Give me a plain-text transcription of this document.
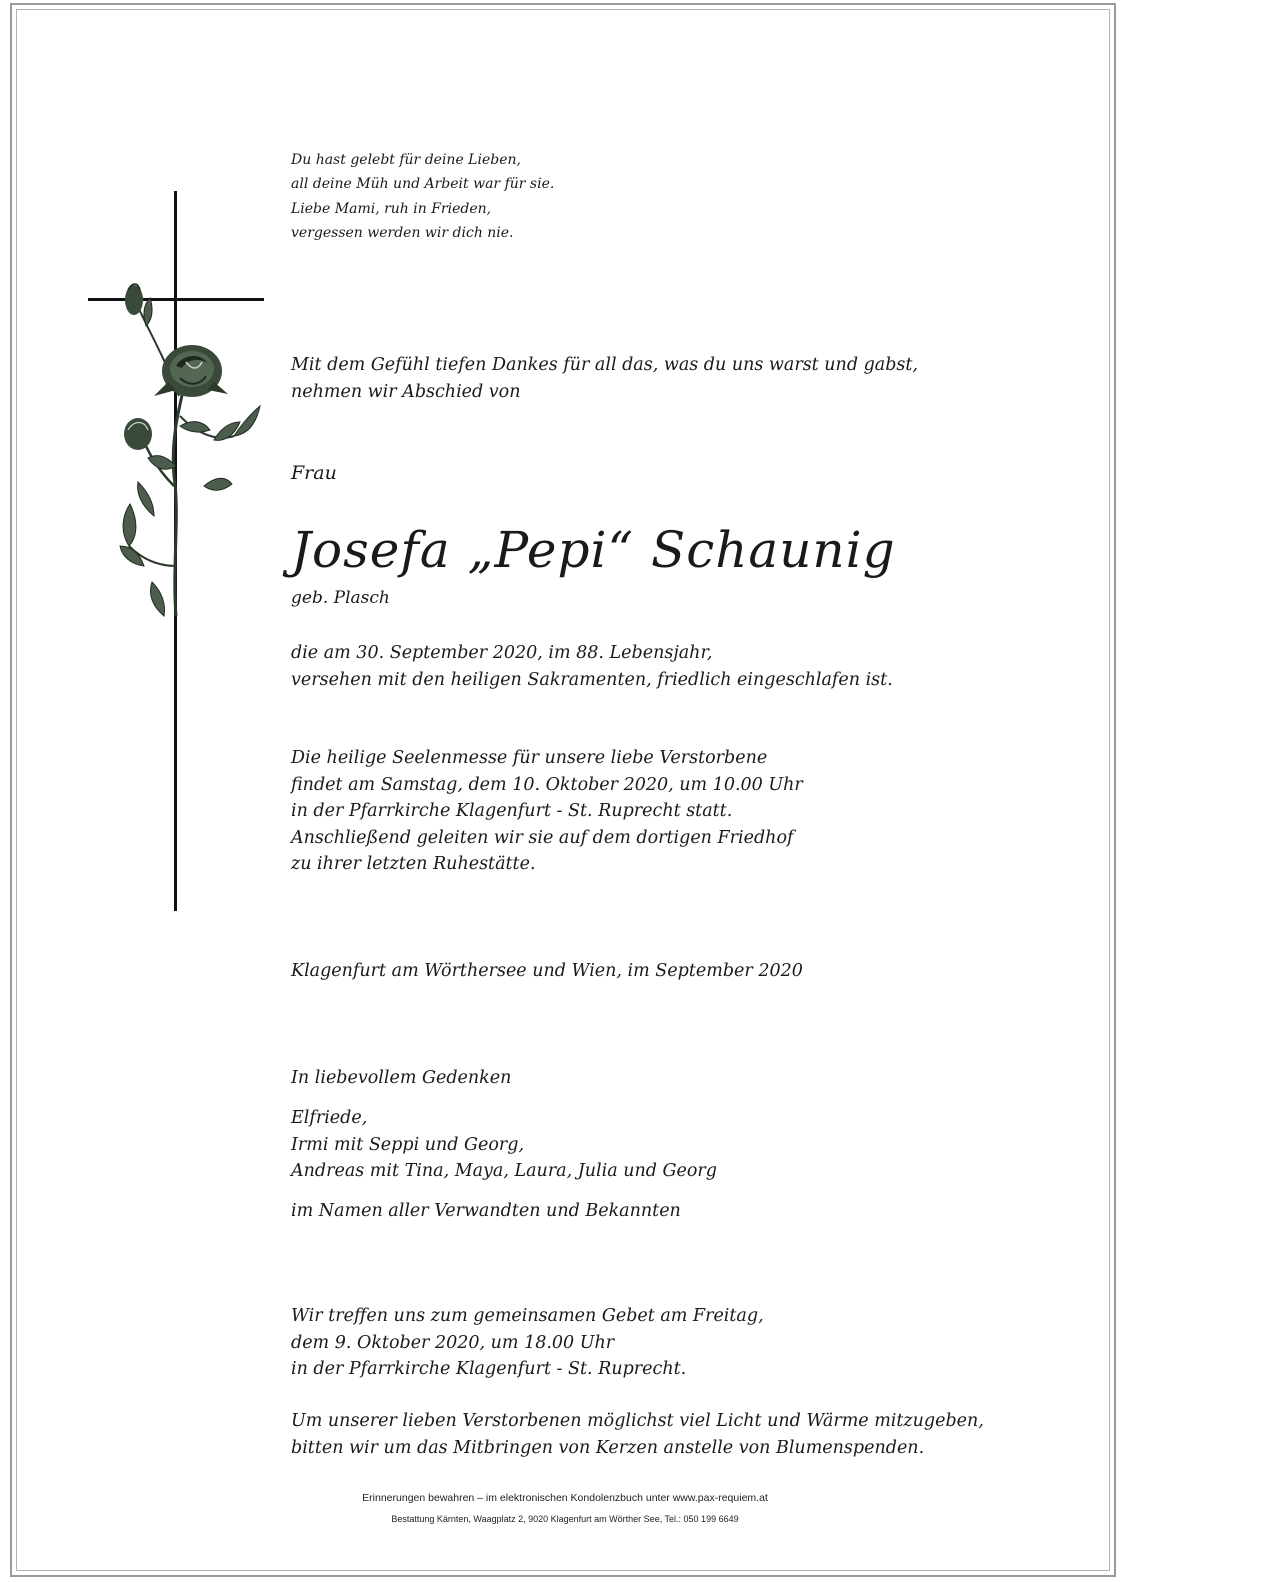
Du hast gelebt für deine Lieben,
all deine Müh und Arbeit war für sie.
Liebe Mami, ruh in Frieden,
vergessen werden wir dich nie.
Mit dem Gefühl tiefen Dankes für all das, was du uns warst und gabst,
nehmen wir Abschied von
Frau
Josefa „Pepi“ Schaunig
geb. Plasch
die am 30. September 2020, im 88. Lebensjahr,
versehen mit den heiligen Sakramenten, friedlich eingeschlafen ist.
Die heilige Seelenmesse für unsere liebe Verstorbene
findet am Samstag, dem 10. Oktober 2020, um 10.00 Uhr
in der Pfarrkirche Klagenfurt - St. Ruprecht statt.
Anschließend geleiten wir sie auf dem dortigen Friedhof
zu ihrer letzten Ruhestätte.
Klagenfurt am Wörthersee und Wien, im September 2020
In liebevollem Gedenken
Elfriede,
Irmi mit Seppi und Georg,
Andreas mit Tina, Maya, Laura, Julia und Georg
im Namen aller Verwandten und Bekannten
Wir treffen uns zum gemeinsamen Gebet am Freitag,
dem 9. Oktober 2020, um 18.00 Uhr
in der Pfarrkirche Klagenfurt - St. Ruprecht.
Um unserer lieben Verstorbenen möglichst viel Licht und Wärme mitzugeben,
bitten wir um das Mitbringen von Kerzen anstelle von Blumenspenden.
Erinnerungen bewahren – im elektronischen Kondolenzbuch unter www.pax-requiem.at
Bestattung Kärnten, Waagplatz 2, 9020 Klagenfurt am Wörther See, Tel.: 050 199 6649
